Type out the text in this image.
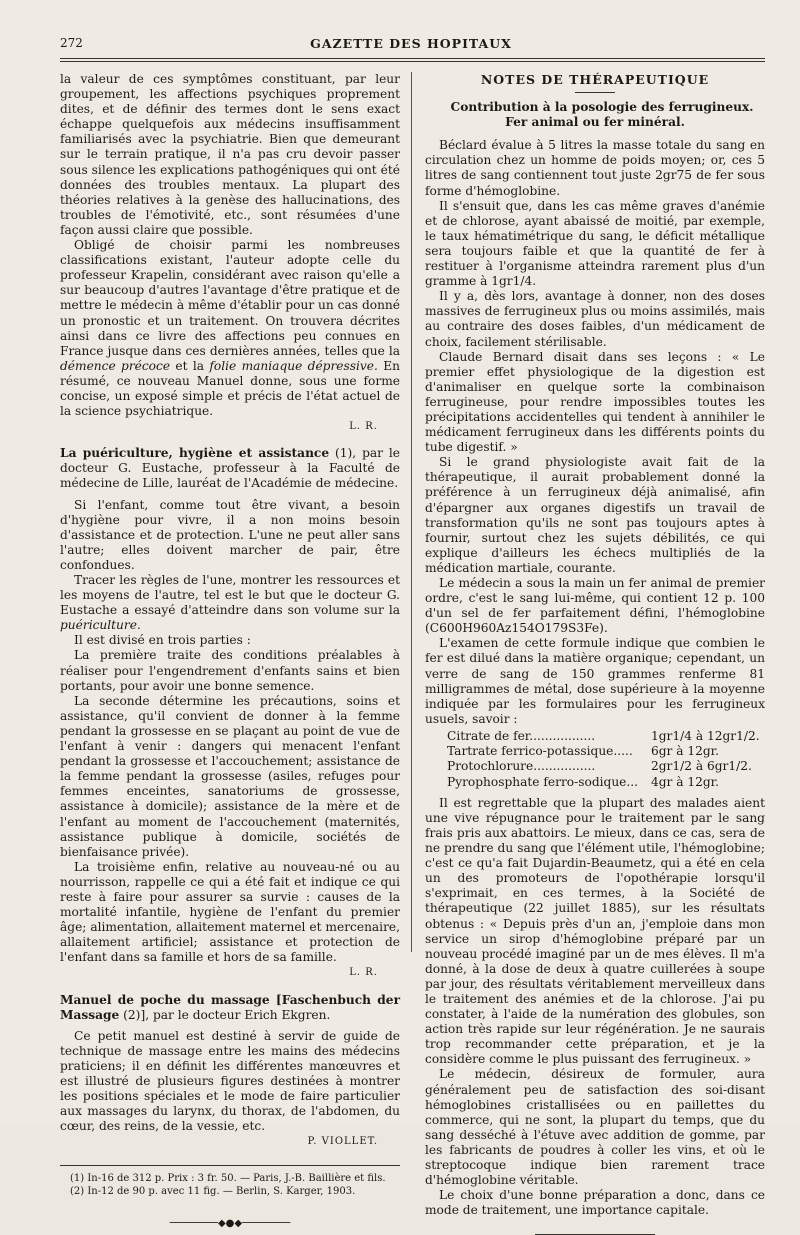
272	GAZETTE DES HOPITAUX

la valeur de ces symptômes constituant, par leur groupement, les affections psychiques proprement dites, et de définir des termes dont le sens exact échappe quelquefois aux médecins insuffisamment familiarisés avec la psychiatrie. Bien que demeurant sur le terrain pratique, il n'a pas cru devoir passer sous silence les explications pathogéniques qui ont été données des troubles mentaux. La plupart des théories relatives à la genèse des hallucinations, des troubles de l'émotivité, etc., sont résumées d'une façon aussi claire que possible.

Obligé de choisir parmi les nombreuses classifications existant, l'auteur adopte celle du professeur Krapelin, considérant avec raison qu'elle a sur beaucoup d'autres l'avantage d'être pratique et de mettre le médecin à même d'établir pour un cas donné un pronostic et un traitement. On trouvera décrites ainsi dans ce livre des affections peu connues en France jusque dans ces dernières années, telles que la démence précoce et la folie maniaque dépressive. En résumé, ce nouveau Manuel donne, sous une forme concise, un exposé simple et précis de l'état actuel de la science psychiatrique.

L. R.

La puériculture, hygiène et assistance (1), par le docteur G. Eustache, professeur à la Faculté de médecine de Lille, lauréat de l'Académie de médecine.

Si l'enfant, comme tout être vivant, a besoin d'hygiène pour vivre, il a non moins besoin d'assistance et de protection. L'une ne peut aller sans l'autre; elles doivent marcher de pair, être confondues.

Tracer les règles de l'une, montrer les ressources et les moyens de l'autre, tel est le but que le docteur G. Eustache a essayé d'atteindre dans son volume sur la puériculture.

Il est divisé en trois parties :

La première traite des conditions préalables à réaliser pour l'engendrement d'enfants sains et bien portants, pour avoir une bonne semence.

La seconde détermine les précautions, soins et assistance, qu'il convient de donner à la femme pendant la grossesse en se plaçant au point de vue de l'enfant à venir : dangers qui menacent l'enfant pendant la grossesse et l'accouchement; assistance de la femme pendant la grossesse (asiles, refuges pour femmes enceintes, sanatoriums de grossesse, assistance à domicile); assistance de la mère et de l'enfant au moment de l'accouchement (maternités, assistance publique à domicile, sociétés de bienfaisance privée).

La troisième enfin, relative au nouveau-né ou au nourrisson, rappelle ce qui a été fait et indique ce qui reste à faire pour assurer sa survie : causes de la mortalité infantile, hygiène de l'enfant du premier âge; alimentation, allaitement maternel et mercenaire, allaitement artificiel; assistance et protection de l'enfant dans sa famille et hors de sa famille.

L. R.

Manuel de poche du massage [Faschenbuch der Massage (2)], par le docteur Erich Ekgren.

Ce petit manuel est destiné à servir de guide de technique de massage entre les mains des médecins praticiens; il en définit les différentes manœuvres et est illustré de plusieurs figures destinées à montrer les positions spéciales et le mode de faire particulier aux massages du larynx, du thorax, de l'abdomen, du cœur, des reins, de la vessie, etc.

P. VIOLLET.

(1) In-16 de 312 p. Prix : 3 fr. 50. — Paris, J.-B. Baillière et fils.

(2) In-12 de 90 p. avec 11 fig. — Berlin, S. Karger, 1903.

────────◆●◆────────
NOTES DE THÉRAPEUTIQUE

Contribution à la posologie des ferrugineux. Fer animal ou fer minéral.

Béclard évalue à 5 litres la masse totale du sang en circulation chez un homme de poids moyen; or, ces 5 litres de sang contiennent tout juste 2gr75 de fer sous forme d'hémoglobine.

Il s'ensuit que, dans les cas même graves d'anémie et de chlorose, ayant abaissé de moitié, par exemple, le taux hématimétrique du sang, le déficit métallique sera toujours faible et que la quantité de fer à restituer à l'organisme atteindra rarement plus d'un gramme à 1gr1/4.

Il y a, dès lors, avantage à donner, non des doses massives de ferrugineux plus ou moins assimilés, mais au contraire des doses faibles, d'un médicament de choix, facilement stérilisable.

Claude Bernard disait dans ses leçons : « Le premier effet physiologique de la digestion est d'animaliser en quelque sorte la combinaison ferrugineuse, pour rendre impossibles toutes les précipitations accidentelles qui tendent à annihiler le médicament ferrugineux dans les différents points du tube digestif. »

Si le grand physiologiste avait fait de la thérapeutique, il aurait probablement donné la préférence à un ferrugineux déjà animalisé, afin d'épargner aux organes digestifs un travail de transformation qu'ils ne sont pas toujours aptes à fournir, surtout chez les sujets débilités, ce qui explique d'ailleurs les échecs multipliés de la médication martiale, courante.

Le médecin a sous la main un fer animal de premier ordre, c'est le sang lui-même, qui contient 12 p. 100 d'un sel de fer parfaitement défini, l'hémoglobine (C600H960Az154O179S3Fe).

L'examen de cette formule indique que combien le fer est dilué dans la matière organique; cependant, un verre de sang de 150 grammes renferme 81 milligrammes de métal, dose supérieure à la moyenne indiquée par les formulaires pour les ferrugineux usuels, savoir :

Citrate de fer.................	1gr1/4 à 12gr1/2.
Tartrate ferrico-potassique.....	6gr à 12gr.
Protochlorure................	2gr1/2 à 6gr1/2.
Pyrophosphate ferro-sodique...	4gr à 12gr.

Il est regrettable que la plupart des malades aient une vive répugnance pour le traitement par le sang frais pris aux abattoirs. Le mieux, dans ce cas, sera de ne prendre du sang que l'élément utile, l'hémoglobine; c'est ce qu'a fait Dujardin-Beaumetz, qui a été en cela un des promoteurs de l'opothérapie lorsqu'il s'exprimait, en ces termes, à la Société de thérapeutique (22 juillet 1885), sur les résultats obtenus : « Depuis près d'un an, j'emploie dans mon service un sirop d'hémoglobine préparé par un nouveau procédé imaginé par un de mes élèves. Il m'a donné, à la dose de deux à quatre cuillerées à soupe par jour, des résultats véritablement merveilleux dans le traitement des anémies et de la chlorose. J'ai pu constater, à l'aide de la numération des globules, son action très rapide sur leur régénération. Je ne saurais trop recommander cette préparation, et je la considère comme le plus puissant des ferrugineux. »

Le médecin, désireux de formuler, aura généralement peu de satisfaction des soi-disant hémoglobines cristallisées ou en paillettes du commerce, qui ne sont, la plupart du temps, que du sang desséché à l'étuve avec addition de gomme, par les fabricants de poudres à coller les vins, et où le streptocoque indique bien rarement trace d'hémoglobine véritable.

Le choix d'une bonne préparation a donc, dans ce mode de traitement, une importance capitale.
